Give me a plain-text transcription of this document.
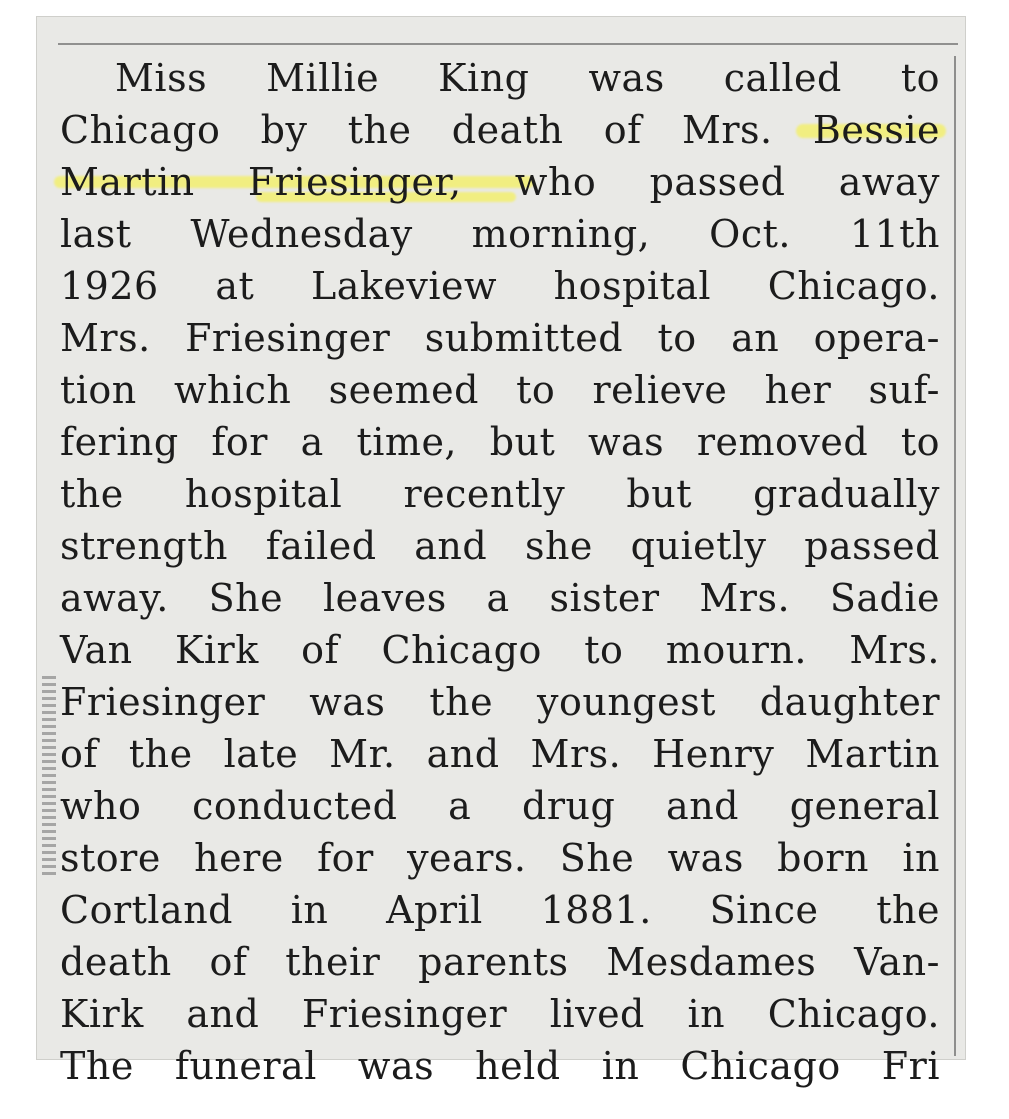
Miss Millie King was called to
Chicago by the death of Mrs. Bessie
Martin Friesinger, who passed away
last Wednesday morning, Oct. 11th
1926 at Lakeview hospital Chicago.
Mrs. Friesinger submitted to an opera-
tion which seemed to relieve her suf-
fering for a time, but was removed to
the hospital recently but gradually
strength failed and she quietly passed
away. She leaves a sister Mrs. Sadie
Van Kirk of Chicago to mourn. Mrs.
Friesinger was the youngest daughter
of the late Mr. and Mrs. Henry Martin
who conducted a drug and general
store here for years. She was born in
Cortland in April 1881. Since the
death of their parents Mesdames Van-
Kirk and Friesinger lived in Chicago.
The funeral was held in Chicago Fri
